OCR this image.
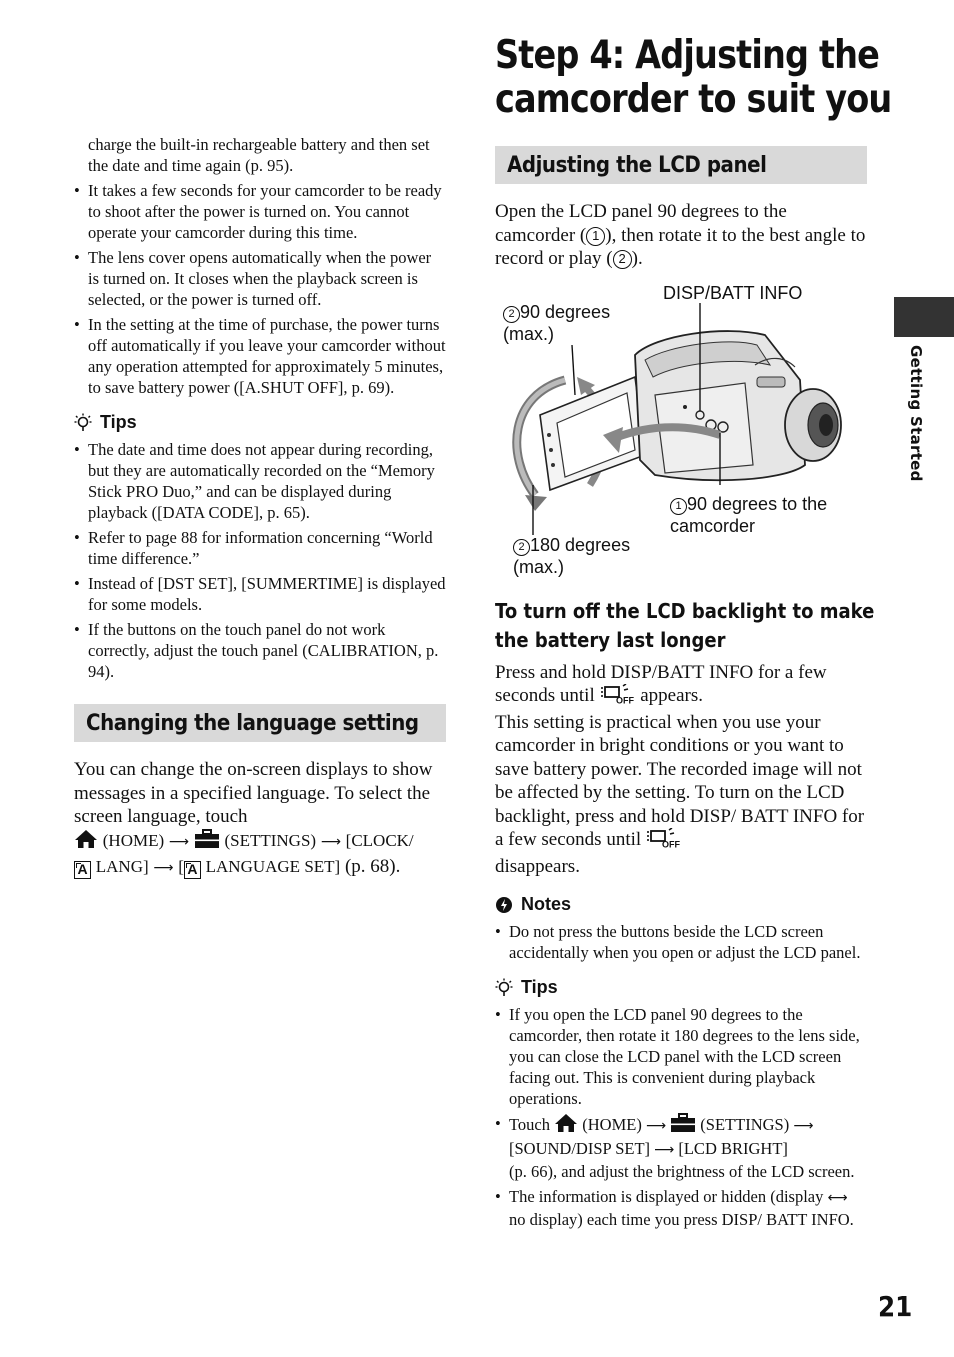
charge the built-in rechargeable battery and then set the date and time again (p. 95).
• It takes a few seconds for your camcorder to be ready to shoot after the power is turned on. You cannot operate your camcorder during this time.
• The lens cover opens automatically when the power is turned on. It closes when the playback screen is selected, or the power is turned off.
• In the setting at the time of purchase, the power turns off automatically if you leave your camcorder without any operation attempted for approximately 5 minutes, to save battery power ([A.SHUT OFF], p. 69).
Tips
• The date and time does not appear during recording, but they are automatically recorded on the “Memory Stick PRO Duo,” and can be displayed during playback ([DATA CODE], p. 65).
• Refer to page 88 for information concerning “World time difference.”
• Instead of [DST SET], [SUMMERTIME] is displayed for some models.
• If the buttons on the touch panel do not work correctly, adjust the touch panel (CALIBRATION, p. 94).
Changing the language setting
You can change the on-screen displays to show messages in a specified language. To select the screen language, touch
(HOME) ⟶ (SETTINGS) ⟶ [CLOCK/
A LANG] ⟶ [ A LANGUAGE SET] (p. 68).
Step 4: Adjusting the
camcorder to suit you
Adjusting the LCD panel
Open the LCD panel 90 degrees to the camcorder ( 1 ), then rotate it to the best angle to record or play ( 2 ).
DISP/BATT INFO
2 90 degrees
(max.)
1 90 degrees to the
camcorder
2 180 degrees
(max.)
To turn off the LCD backlight to make
the battery last longer
Press and hold DISP/BATT INFO for a few seconds until OFF appears.
This setting is practical when you use your camcorder in bright conditions or you want to save battery power. The recorded image will not be affected by the setting. To turn on the LCD backlight, press and hold DISP/ BATT INFO for a few seconds until OFF

disappears.
Notes
• Do not press the buttons beside the LCD screen accidentally when you open or adjust the LCD panel.
Tips
• If you open the LCD panel 90 degrees to the camcorder, then rotate it 180 degrees to the lens side, you can close the LCD panel with the LCD screen facing out. This is convenient during playback operations.
• Touch (HOME) ⟶ (SETTINGS) ⟶
[SOUND/DISP SET] ⟶ [LCD BRIGHT]
(p. 66), and adjust the brightness of the LCD screen.
• The information is displayed or hidden (display ⟷ no display) each time you press DISP/ BATT INFO.
Getting Started
21
